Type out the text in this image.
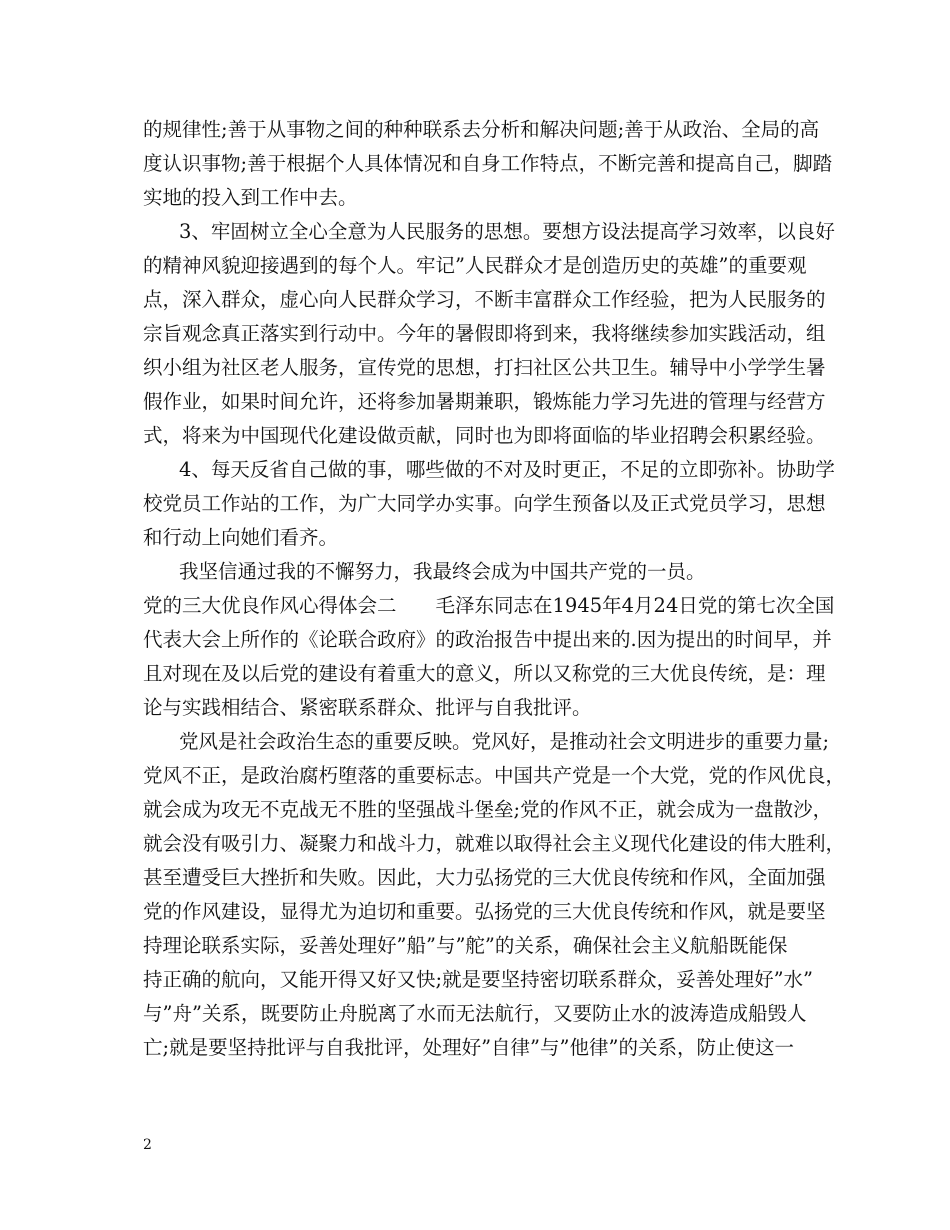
的规律性;善于从事物之间的种种联系去分析和解决问题;善于从政治、全局的高
度认识事物;善于根据个人具体情况和自身工作特点，不断完善和提高自己，脚踏
实地的投入到工作中去。
3、牢固树立全心全意为人民服务的思想。要想方设法提高学习效率，以良好
的精神风貌迎接遇到的每个人。牢记”人民群众才是创造历史的英雄”的重要观
点，深入群众，虚心向人民群众学习，不断丰富群众工作经验，把为人民服务的
宗旨观念真正落实到行动中。今年的暑假即将到来，我将继续参加实践活动，组
织小组为社区老人服务，宣传党的思想，打扫社区公共卫生。辅导中小学学生暑
假作业，如果时间允许，还将参加暑期兼职，锻炼能力学习先进的管理与经营方
式，将来为中国现代化建设做贡献，同时也为即将面临的毕业招聘会积累经验。
4、每天反省自己做的事，哪些做的不对及时更正，不足的立即弥补。协助学
校党员工作站的工作，为广大同学办实事。向学生预备以及正式党员学习，思想
和行动上向她们看齐。
我坚信通过我的不懈努力，我最终会成为中国共产党的一员。
党的三大优良作风心得体会二　　毛泽东同志在1945年4月24日党的第七次全国
代表大会上所作的《论联合政府》的政治报告中提出来的.因为提出的时间早，并
且对现在及以后党的建设有着重大的意义，所以又称党的三大优良传统，是：理
论与实践相结合、紧密联系群众、批评与自我批评。
党风是社会政治生态的重要反映。党风好，是推动社会文明进步的重要力量;
党风不正，是政治腐朽堕落的重要标志。中国共产党是一个大党，党的作风优良，
就会成为攻无不克战无不胜的坚强战斗堡垒;党的作风不正，就会成为一盘散沙，
就会没有吸引力、凝聚力和战斗力，就难以取得社会主义现代化建设的伟大胜利，
甚至遭受巨大挫折和失败。因此，大力弘扬党的三大优良传统和作风，全面加强
党的作风建设，显得尤为迫切和重要。弘扬党的三大优良传统和作风，就是要坚
持理论联系实际，妥善处理好”船”与”舵”的关系，确保社会主义航船既能保
持正确的航向，又能开得又好又快;就是要坚持密切联系群众，妥善处理好”水”
与”舟”关系，既要防止舟脱离了水而无法航行，又要防止水的波涛造成船毁人
亡;就是要坚持批评与自我批评，处理好”自律”与”他律”的关系，防止使这一
2
